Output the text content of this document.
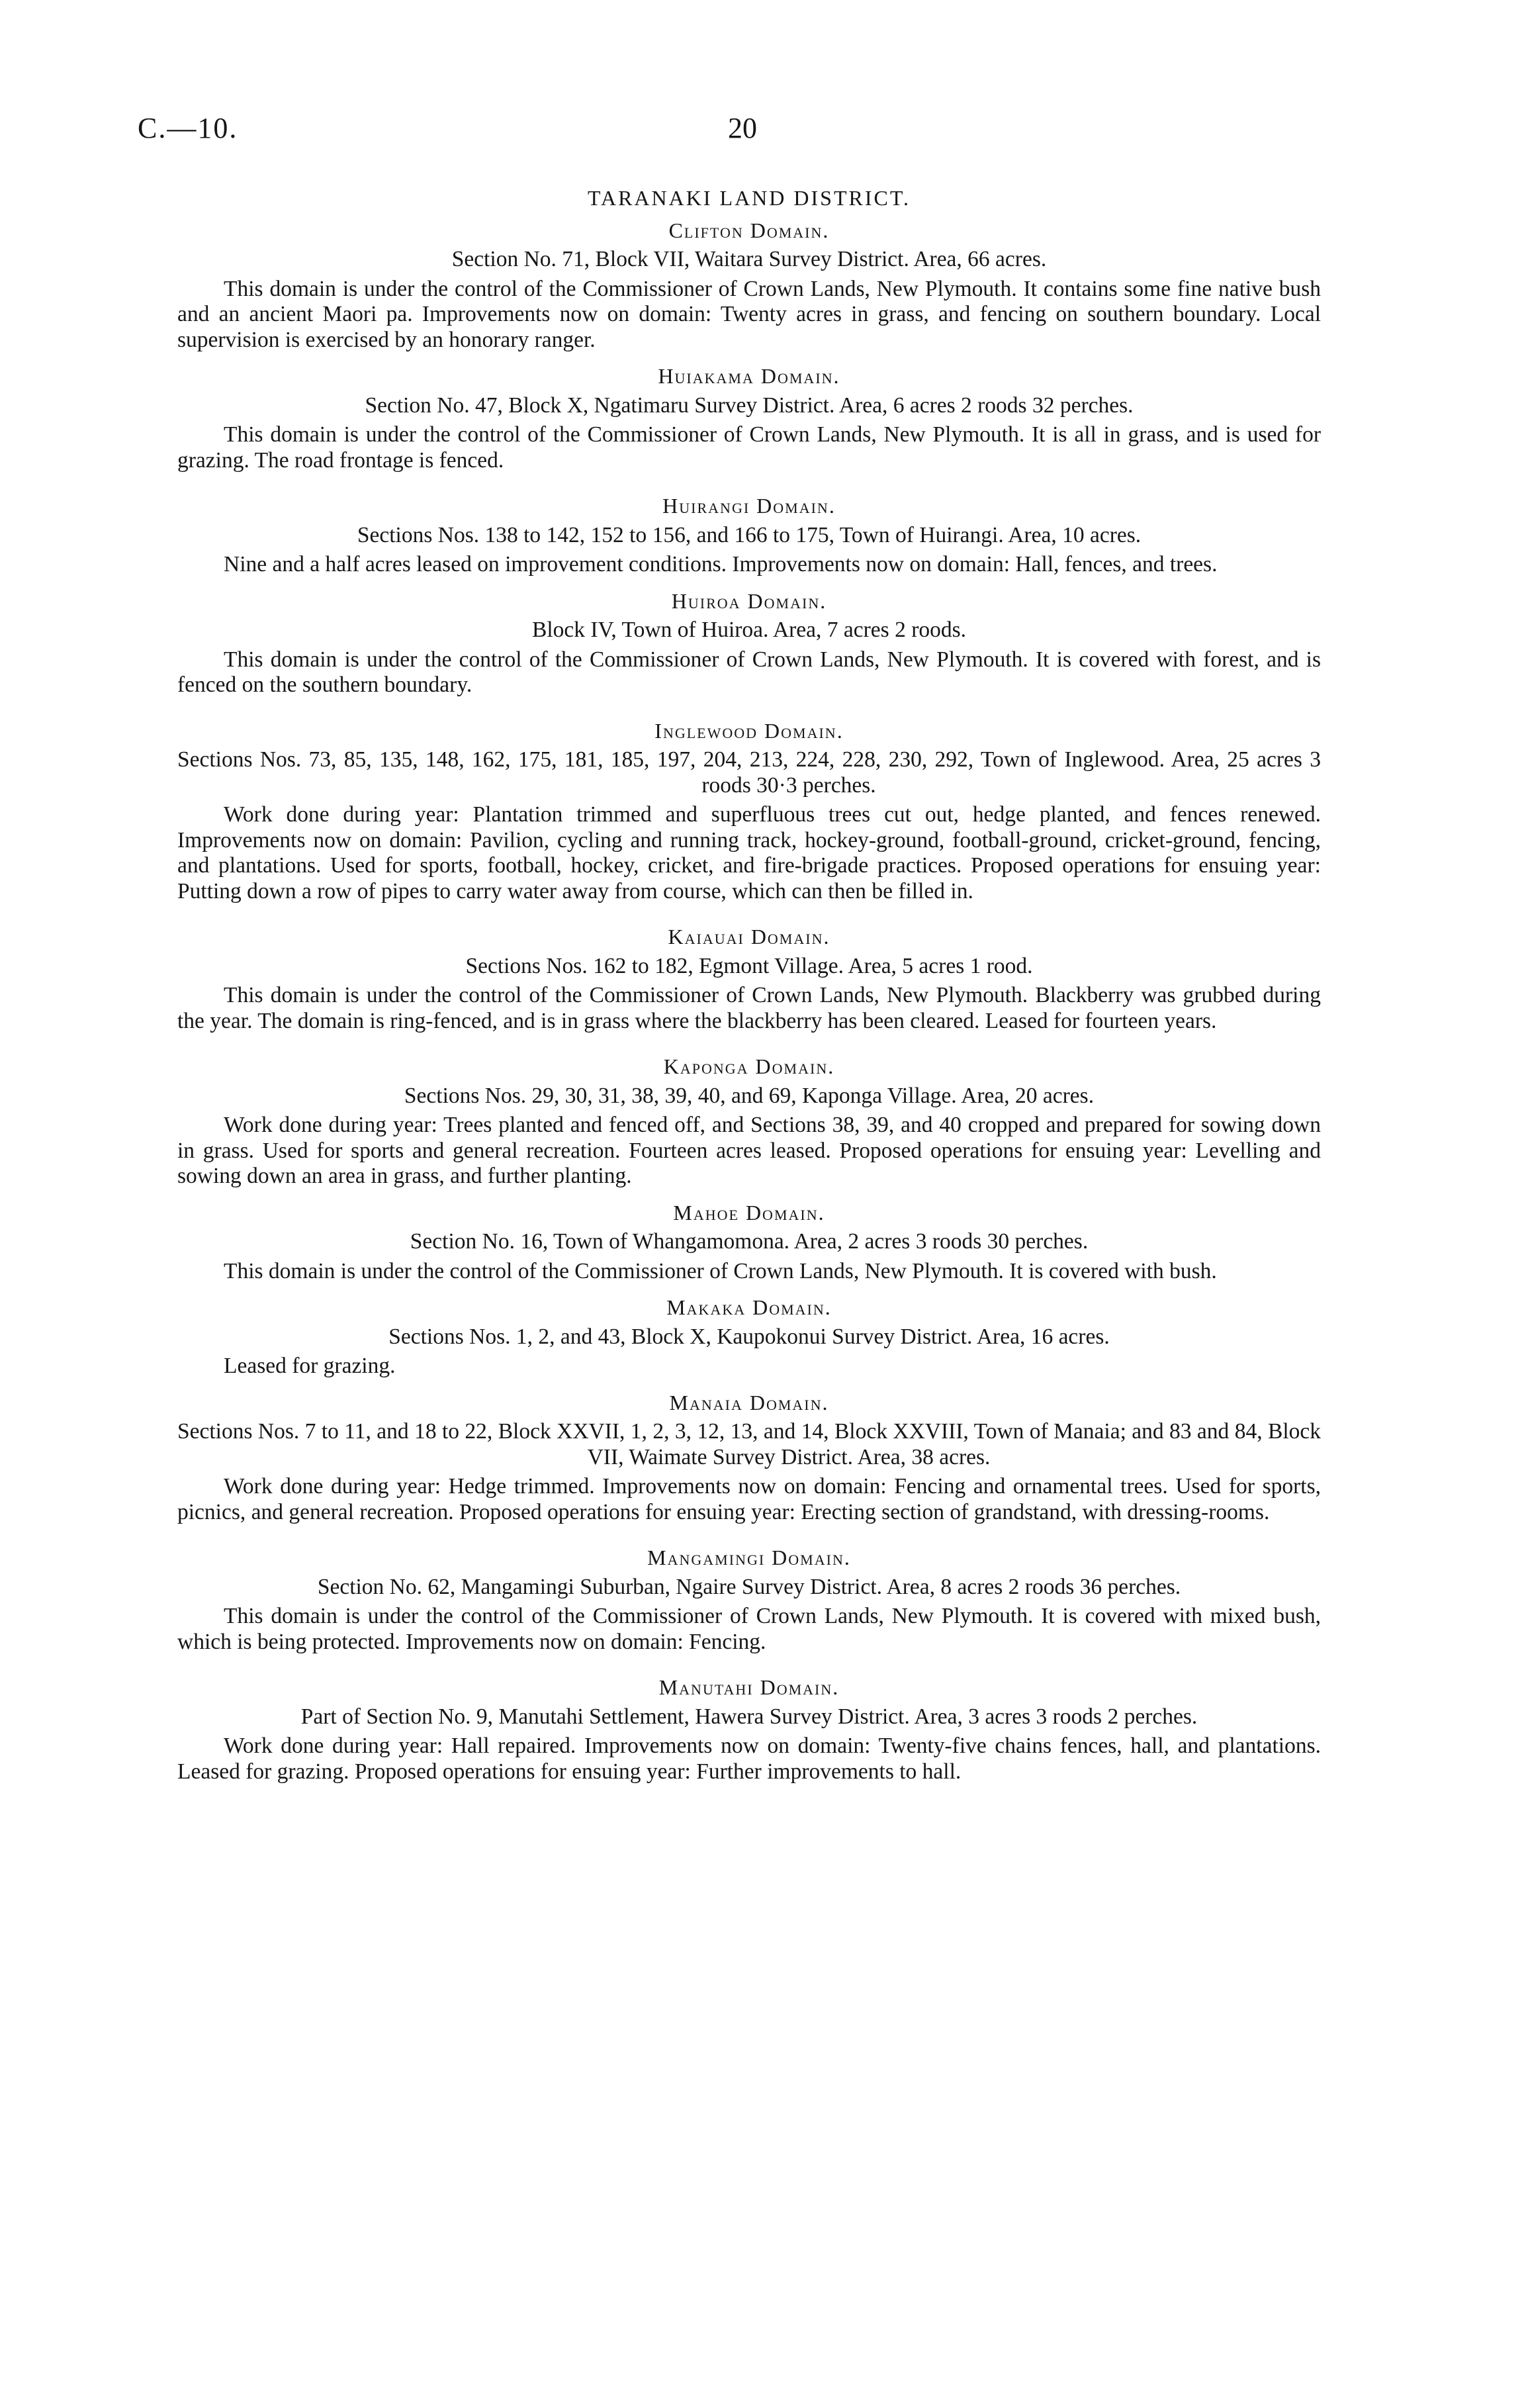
C.—10.	20
TARANAKI LAND DISTRICT.
Clifton Domain.
Section No. 71, Block VII, Waitara Survey District. Area, 66 acres.

This domain is under the control of the Commissioner of Crown Lands, New Plymouth. It contains some fine native bush and an ancient Maori pa. Improvements now on domain: Twenty acres in grass, and fencing on southern boundary. Local supervision is exercised by an honorary ranger.

Huiakama Domain.
Section No. 47, Block X, Ngatimaru Survey District. Area, 6 acres 2 roods 32 perches.

This domain is under the control of the Commissioner of Crown Lands, New Plymouth. It is all in grass, and is used for grazing. The road frontage is fenced.

Huirangi Domain.
Sections Nos. 138 to 142, 152 to 156, and 166 to 175, Town of Huirangi. Area, 10 acres.

Nine and a half acres leased on improvement conditions. Improvements now on domain: Hall, fences, and trees.

Huiroa Domain.
Block IV, Town of Huiroa. Area, 7 acres 2 roods.

This domain is under the control of the Commissioner of Crown Lands, New Plymouth. It is covered with forest, and is fenced on the southern boundary.

Inglewood Domain.
Sections Nos. 73, 85, 135, 148, 162, 175, 181, 185, 197, 204, 213, 224, 228, 230, 292, Town of Inglewood. Area, 25 acres 3 roods 30·3 perches.

Work done during year: Plantation trimmed and superfluous trees cut out, hedge planted, and fences renewed. Improvements now on domain: Pavilion, cycling and running track, hockey-ground, football-ground, cricket-ground, fencing, and plantations. Used for sports, football, hockey, cricket, and fire-brigade practices. Proposed operations for ensuing year: Putting down a row of pipes to carry water away from course, which can then be filled in.

Kaiauai Domain.
Sections Nos. 162 to 182, Egmont Village. Area, 5 acres 1 rood.

This domain is under the control of the Commissioner of Crown Lands, New Plymouth. Blackberry was grubbed during the year. The domain is ring-fenced, and is in grass where the blackberry has been cleared. Leased for fourteen years.

Kaponga Domain.
Sections Nos. 29, 30, 31, 38, 39, 40, and 69, Kaponga Village. Area, 20 acres.

Work done during year: Trees planted and fenced off, and Sections 38, 39, and 40 cropped and prepared for sowing down in grass. Used for sports and general recreation. Fourteen acres leased. Proposed operations for ensuing year: Levelling and sowing down an area in grass, and further planting.

Mahoe Domain.
Section No. 16, Town of Whangamomona. Area, 2 acres 3 roods 30 perches.

This domain is under the control of the Commissioner of Crown Lands, New Plymouth. It is covered with bush.

Makaka Domain.
Sections Nos. 1, 2, and 43, Block X, Kaupokonui Survey District. Area, 16 acres.

Leased for grazing.

Manaia Domain.
Sections Nos. 7 to 11, and 18 to 22, Block XXVII, 1, 2, 3, 12, 13, and 14, Block XXVIII, Town of Manaia; and 83 and 84, Block VII, Waimate Survey District. Area, 38 acres.

Work done during year: Hedge trimmed. Improvements now on domain: Fencing and ornamental trees. Used for sports, picnics, and general recreation. Proposed operations for ensuing year: Erecting section of grandstand, with dressing-rooms.

Mangamingi Domain.
Section No. 62, Mangamingi Suburban, Ngaire Survey District. Area, 8 acres 2 roods 36 perches.

This domain is under the control of the Commissioner of Crown Lands, New Plymouth. It is covered with mixed bush, which is being protected. Improvements now on domain: Fencing.

Manutahi Domain.
Part of Section No. 9, Manutahi Settlement, Hawera Survey District. Area, 3 acres 3 roods 2 perches.

Work done during year: Hall repaired. Improvements now on domain: Twenty-five chains fences, hall, and plantations. Leased for grazing. Proposed operations for ensuing year: Further improvements to hall.
